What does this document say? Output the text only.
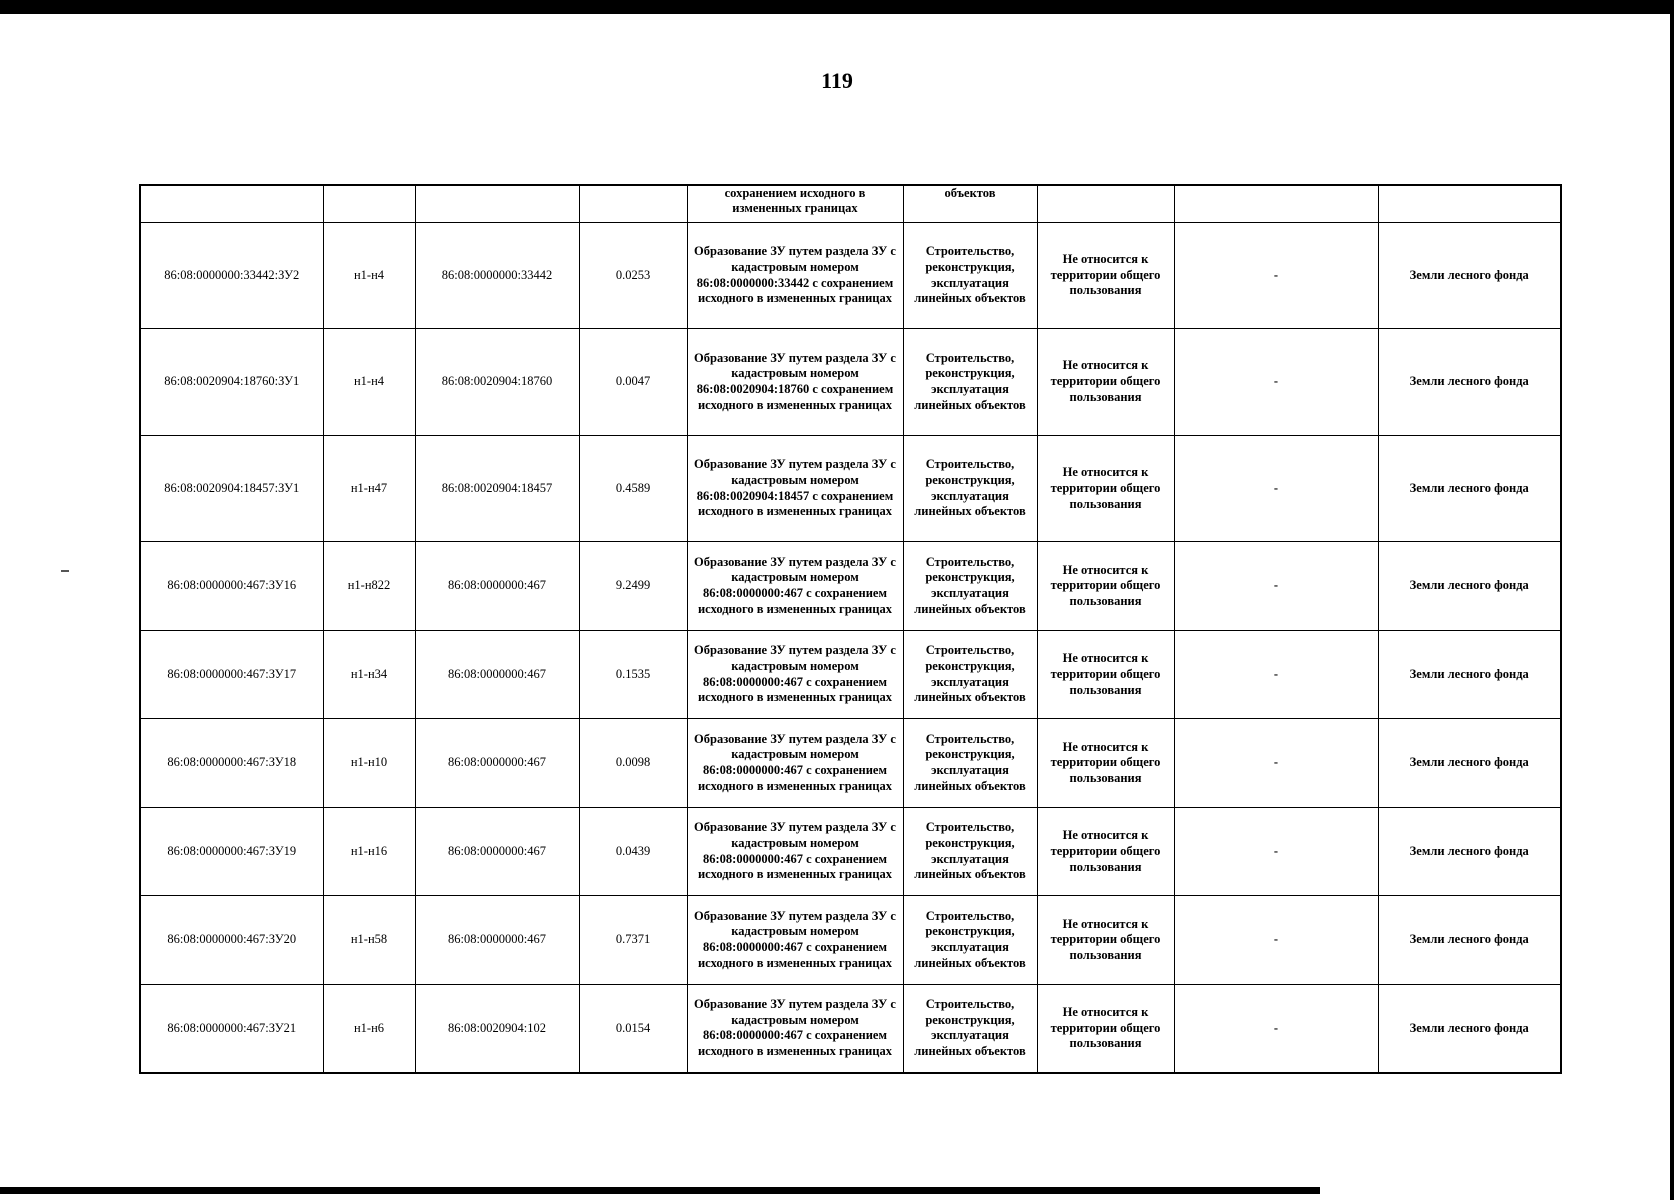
119
				сохранением исходного в измененных границах	объектов			
86:08:0000000:33442:ЗУ2	н1-н4	86:08:0000000:33442	0.0253	Образование ЗУ путем раздела ЗУ с кадастровым номером 86:08:0000000:33442 с сохранением исходного в измененных границах	Строительство, реконструкция, эксплуатация линейных объектов	Не относится к территории общего пользования	-	Земли лесного фонда
86:08:0020904:18760:ЗУ1	н1-н4	86:08:0020904:18760	0.0047	Образование ЗУ путем раздела ЗУ с кадастровым номером 86:08:0020904:18760 с сохранением исходного в измененных границах	Строительство, реконструкция, эксплуатация линейных объектов	Не относится к территории общего пользования	-	Земли лесного фонда
86:08:0020904:18457:ЗУ1	н1-н47	86:08:0020904:18457	0.4589	Образование ЗУ путем раздела ЗУ с кадастровым номером 86:08:0020904:18457 с сохранением исходного в измененных границах	Строительство, реконструкция, эксплуатация линейных объектов	Не относится к территории общего пользования	-	Земли лесного фонда
86:08:0000000:467:ЗУ16	н1-н822	86:08:0000000:467	9.2499	Образование ЗУ путем раздела ЗУ с кадастровым номером 86:08:0000000:467 с сохранением исходного в измененных границах	Строительство, реконструкция, эксплуатация линейных объектов	Не относится к территории общего пользования	-	Земли лесного фонда
86:08:0000000:467:ЗУ17	н1-н34	86:08:0000000:467	0.1535	Образование ЗУ путем раздела ЗУ с кадастровым номером 86:08:0000000:467 с сохранением исходного в измененных границах	Строительство, реконструкция, эксплуатация линейных объектов	Не относится к территории общего пользования	-	Земли лесного фонда
86:08:0000000:467:ЗУ18	н1-н10	86:08:0000000:467	0.0098	Образование ЗУ путем раздела ЗУ с кадастровым номером 86:08:0000000:467 с сохранением исходного в измененных границах	Строительство, реконструкция, эксплуатация линейных объектов	Не относится к территории общего пользования	-	Земли лесного фонда
86:08:0000000:467:ЗУ19	н1-н16	86:08:0000000:467	0.0439	Образование ЗУ путем раздела ЗУ с кадастровым номером 86:08:0000000:467 с сохранением исходного в измененных границах	Строительство, реконструкция, эксплуатация линейных объектов	Не относится к территории общего пользования	-	Земли лесного фонда
86:08:0000000:467:ЗУ20	н1-н58	86:08:0000000:467	0.7371	Образование ЗУ путем раздела ЗУ с кадастровым номером 86:08:0000000:467 с сохранением исходного в измененных границах	Строительство, реконструкция, эксплуатация линейных объектов	Не относится к территории общего пользования	-	Земли лесного фонда
86:08:0000000:467:ЗУ21	н1-н6	86:08:0020904:102	0.0154	Образование ЗУ путем раздела ЗУ с кадастровым номером 86:08:0000000:467 с сохранением исходного в измененных границах	Строительство, реконструкция, эксплуатация линейных объектов	Не относится к территории общего пользования	-	Земли лесного фонда
